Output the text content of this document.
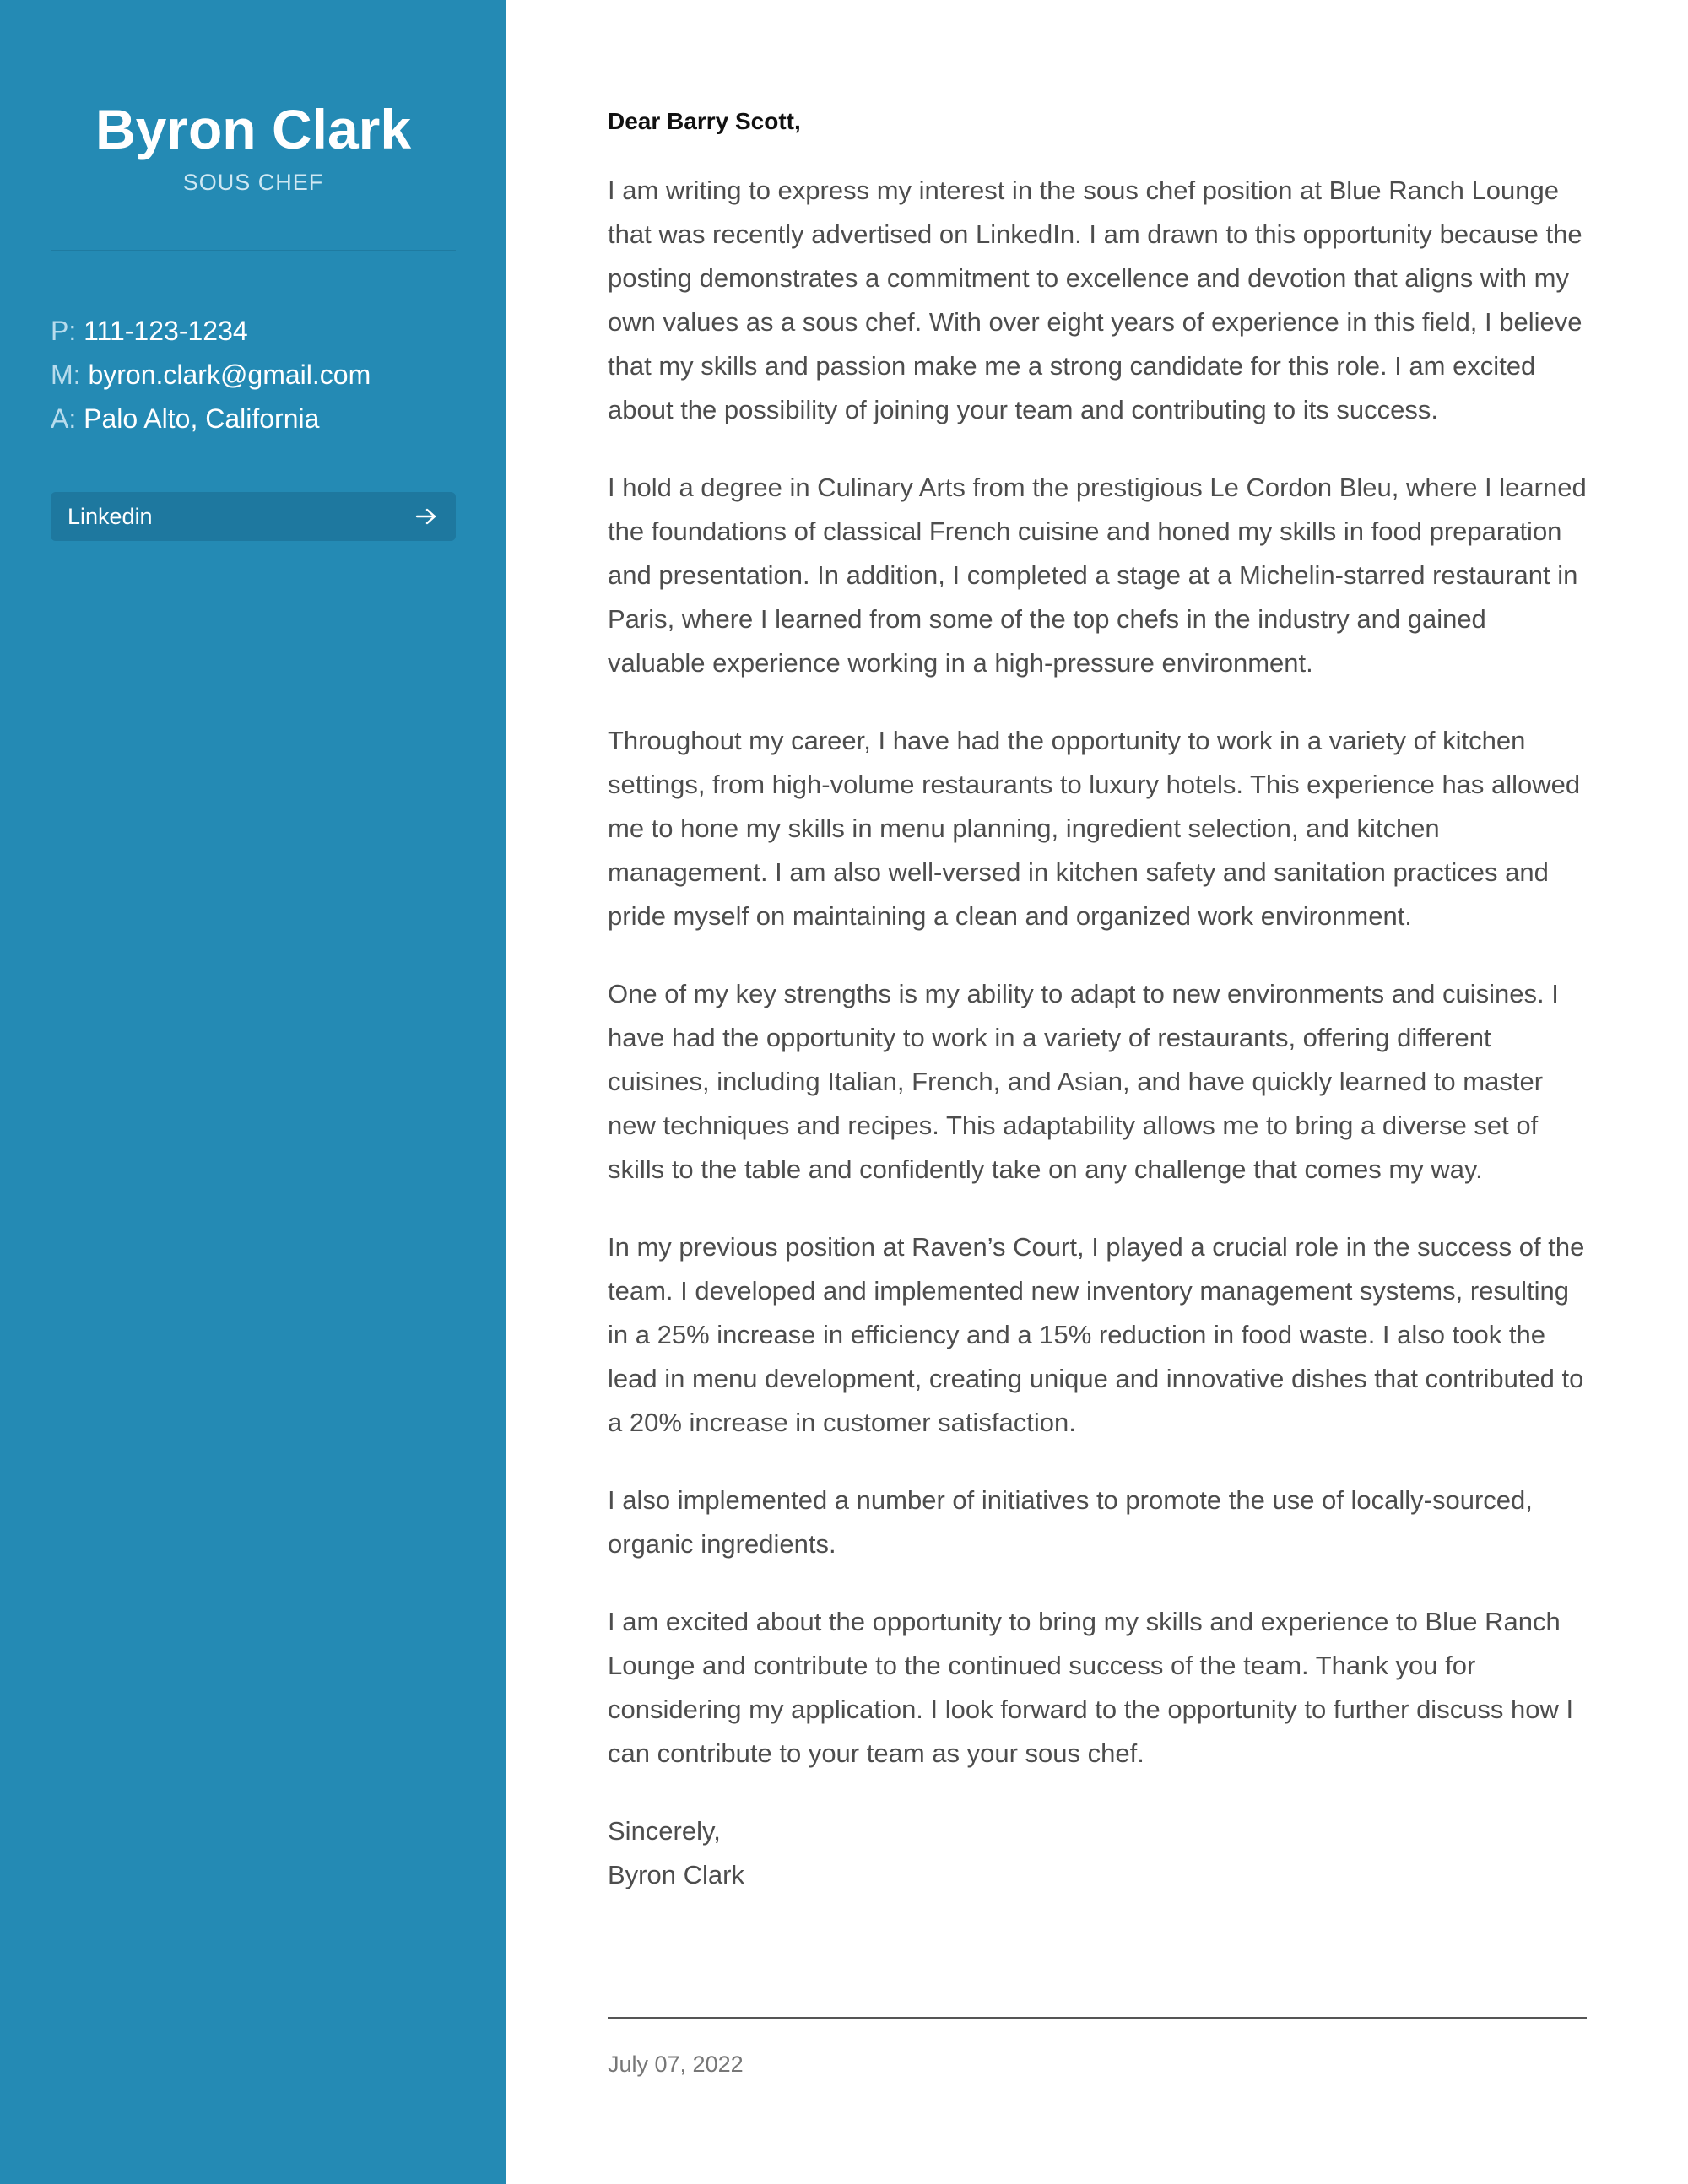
Byron Clark
SOUS CHEF
P: 111-123-1234
M: byron.clark@gmail.com
A: Palo Alto, California
Linkedin
Dear Barry Scott,

I am writing to express my interest in the sous chef position at Blue Ranch Lounge that was recently advertised on LinkedIn. I am drawn to this opportunity because the posting demonstrates a commitment to excellence and devotion that aligns with my own values as a sous chef. With over eight years of experience in this field, I believe that my skills and passion make me a strong candidate for this role. I am excited about the possibility of joining your team and contributing to its success.

I hold a degree in Culinary Arts from the prestigious Le Cordon Bleu, where I learned the foundations of classical French cuisine and honed my skills in food preparation and presentation. In addition, I completed a stage at a Michelin-starred restaurant in Paris, where I learned from some of the top chefs in the industry and gained valuable experience working in a high-pressure environment.

Throughout my career, I have had the opportunity to work in a variety of kitchen settings, from high-volume restaurants to luxury hotels. This experience has allowed me to hone my skills in menu planning, ingredient selection, and kitchen management. I am also well-versed in kitchen safety and sanitation practices and pride myself on maintaining a clean and organized work environment.

One of my key strengths is my ability to adapt to new environments and cuisines. I have had the opportunity to work in a variety of restaurants, offering different cuisines, including Italian, French, and Asian, and have quickly learned to master new techniques and recipes. This adaptability allows me to bring a diverse set of skills to the table and confidently take on any challenge that comes my way.

In my previous position at Raven’s Court, I played a crucial role in the success of the team. I developed and implemented new inventory management systems, resulting in a 25% increase in efficiency and a 15% reduction in food waste. I also took the lead in menu development, creating unique and innovative dishes that contributed to a 20% increase in customer satisfaction.

I also implemented a number of initiatives to promote the use of locally-sourced, organic ingredients.

I am excited about the opportunity to bring my skills and experience to Blue Ranch Lounge and contribute to the continued success of the team. Thank you for considering my application. I look forward to the opportunity to further discuss how I can contribute to your team as your sous chef.

Sincerely,
Byron Clark
July 07, 2022
